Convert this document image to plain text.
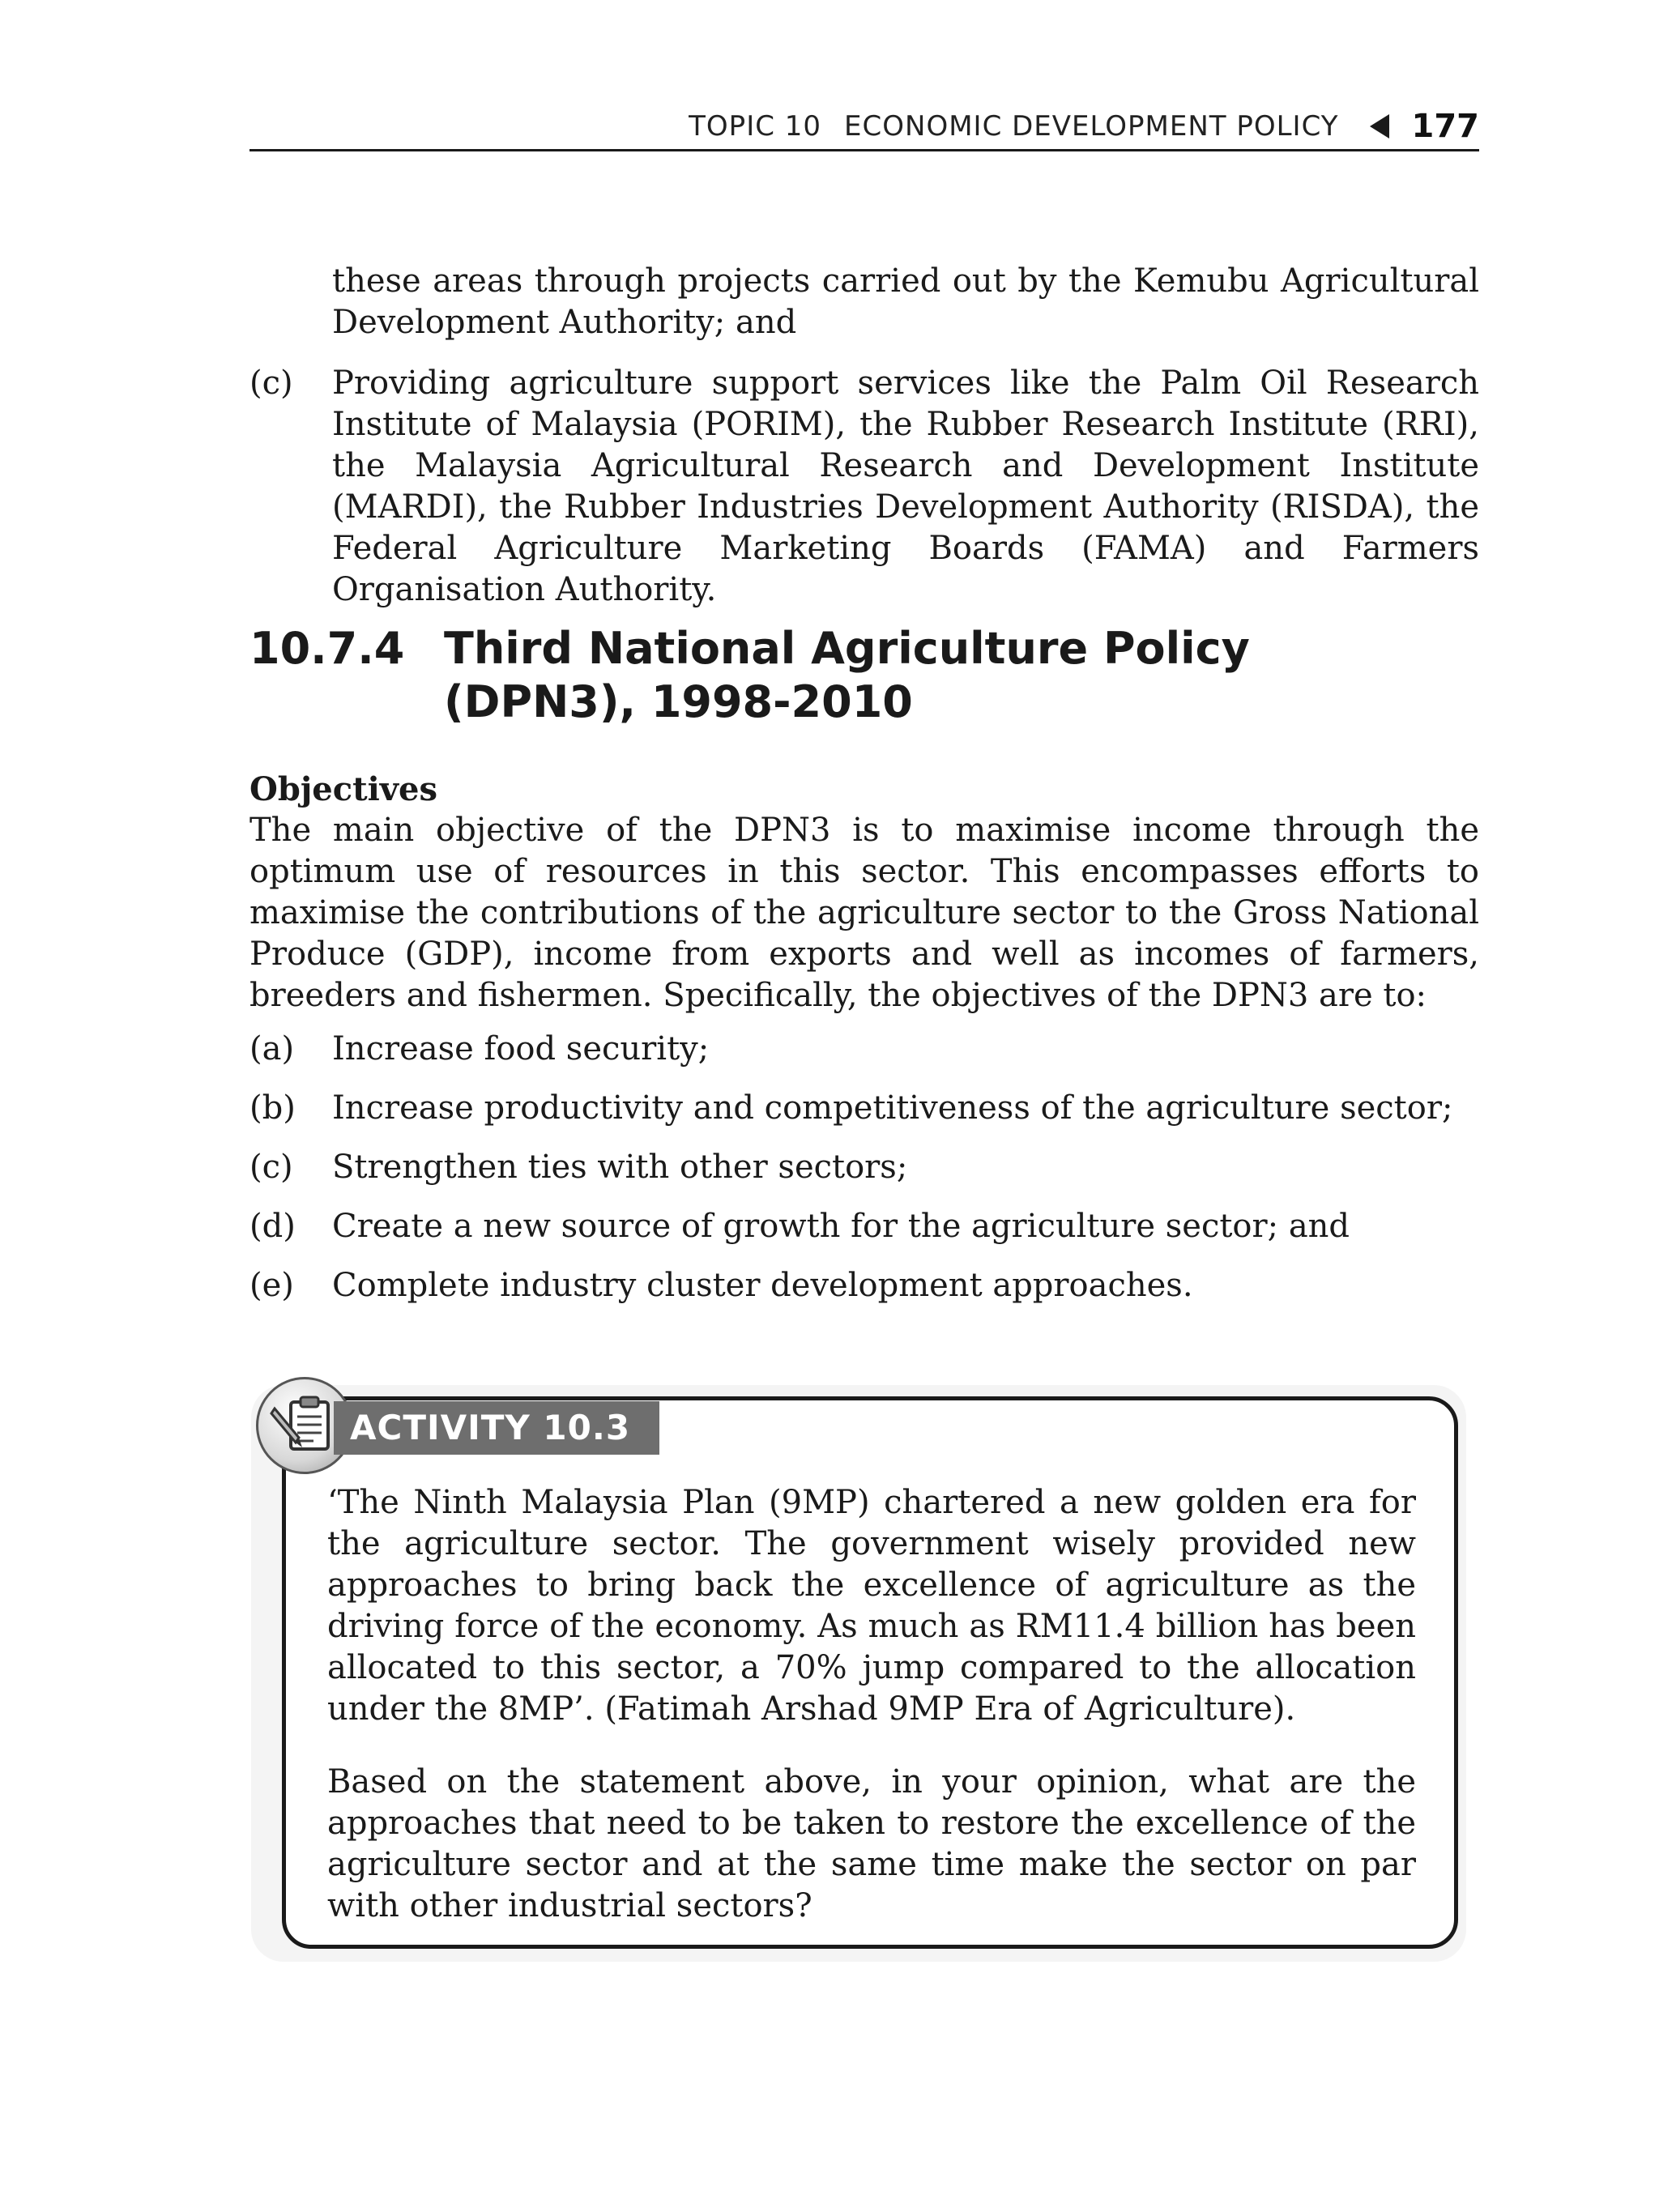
TOPIC 10 ECONOMIC DEVELOPMENT POLICY 177
these areas through projects carried out by the Kemubu Agricultural Development Authority; and
(c)	Providing agriculture support services like the Palm Oil Research Institute of Malaysia (PORIM), the Rubber Research Institute (RRI), the Malaysia Agricultural Research and Development Institute (MARDI), the Rubber Industries Development Authority (RISDA), the Federal Agriculture Marketing Boards (FAMA) and Farmers Organisation Authority.
10.7.4 Third National Agriculture Policy (DPN3), 1998-2010
Objectives
The main objective of the DPN3 is to maximise income through the optimum use of resources in this sector. This encompasses efforts to maximise the contributions of the agriculture sector to the Gross National Produce (GDP), income from exports and well as incomes of farmers, breeders and fishermen. Specifically, the objectives of the DPN3 are to:
(a)	Increase food security;
(b)	Increase productivity and competitiveness of the agriculture sector;
(c)	Strengthen ties with other sectors;
(d)	Create a new source of growth for the agriculture sector; and
(e)	Complete industry cluster development approaches.
ACTIVITY 10.3
‘The Ninth Malaysia Plan (9MP) chartered a new golden era for the agriculture sector. The government wisely provided new approaches to bring back the excellence of agriculture as the driving force of the economy. As much as RM11.4 billion has been allocated to this sector, a 70% jump compared to the allocation under the 8MP’. (Fatimah Arshad 9MP Era of Agriculture).
Based on the statement above, in your opinion, what are the approaches that need to be taken to restore the excellence of the agriculture sector and at the same time make the sector on par with other industrial sectors?
